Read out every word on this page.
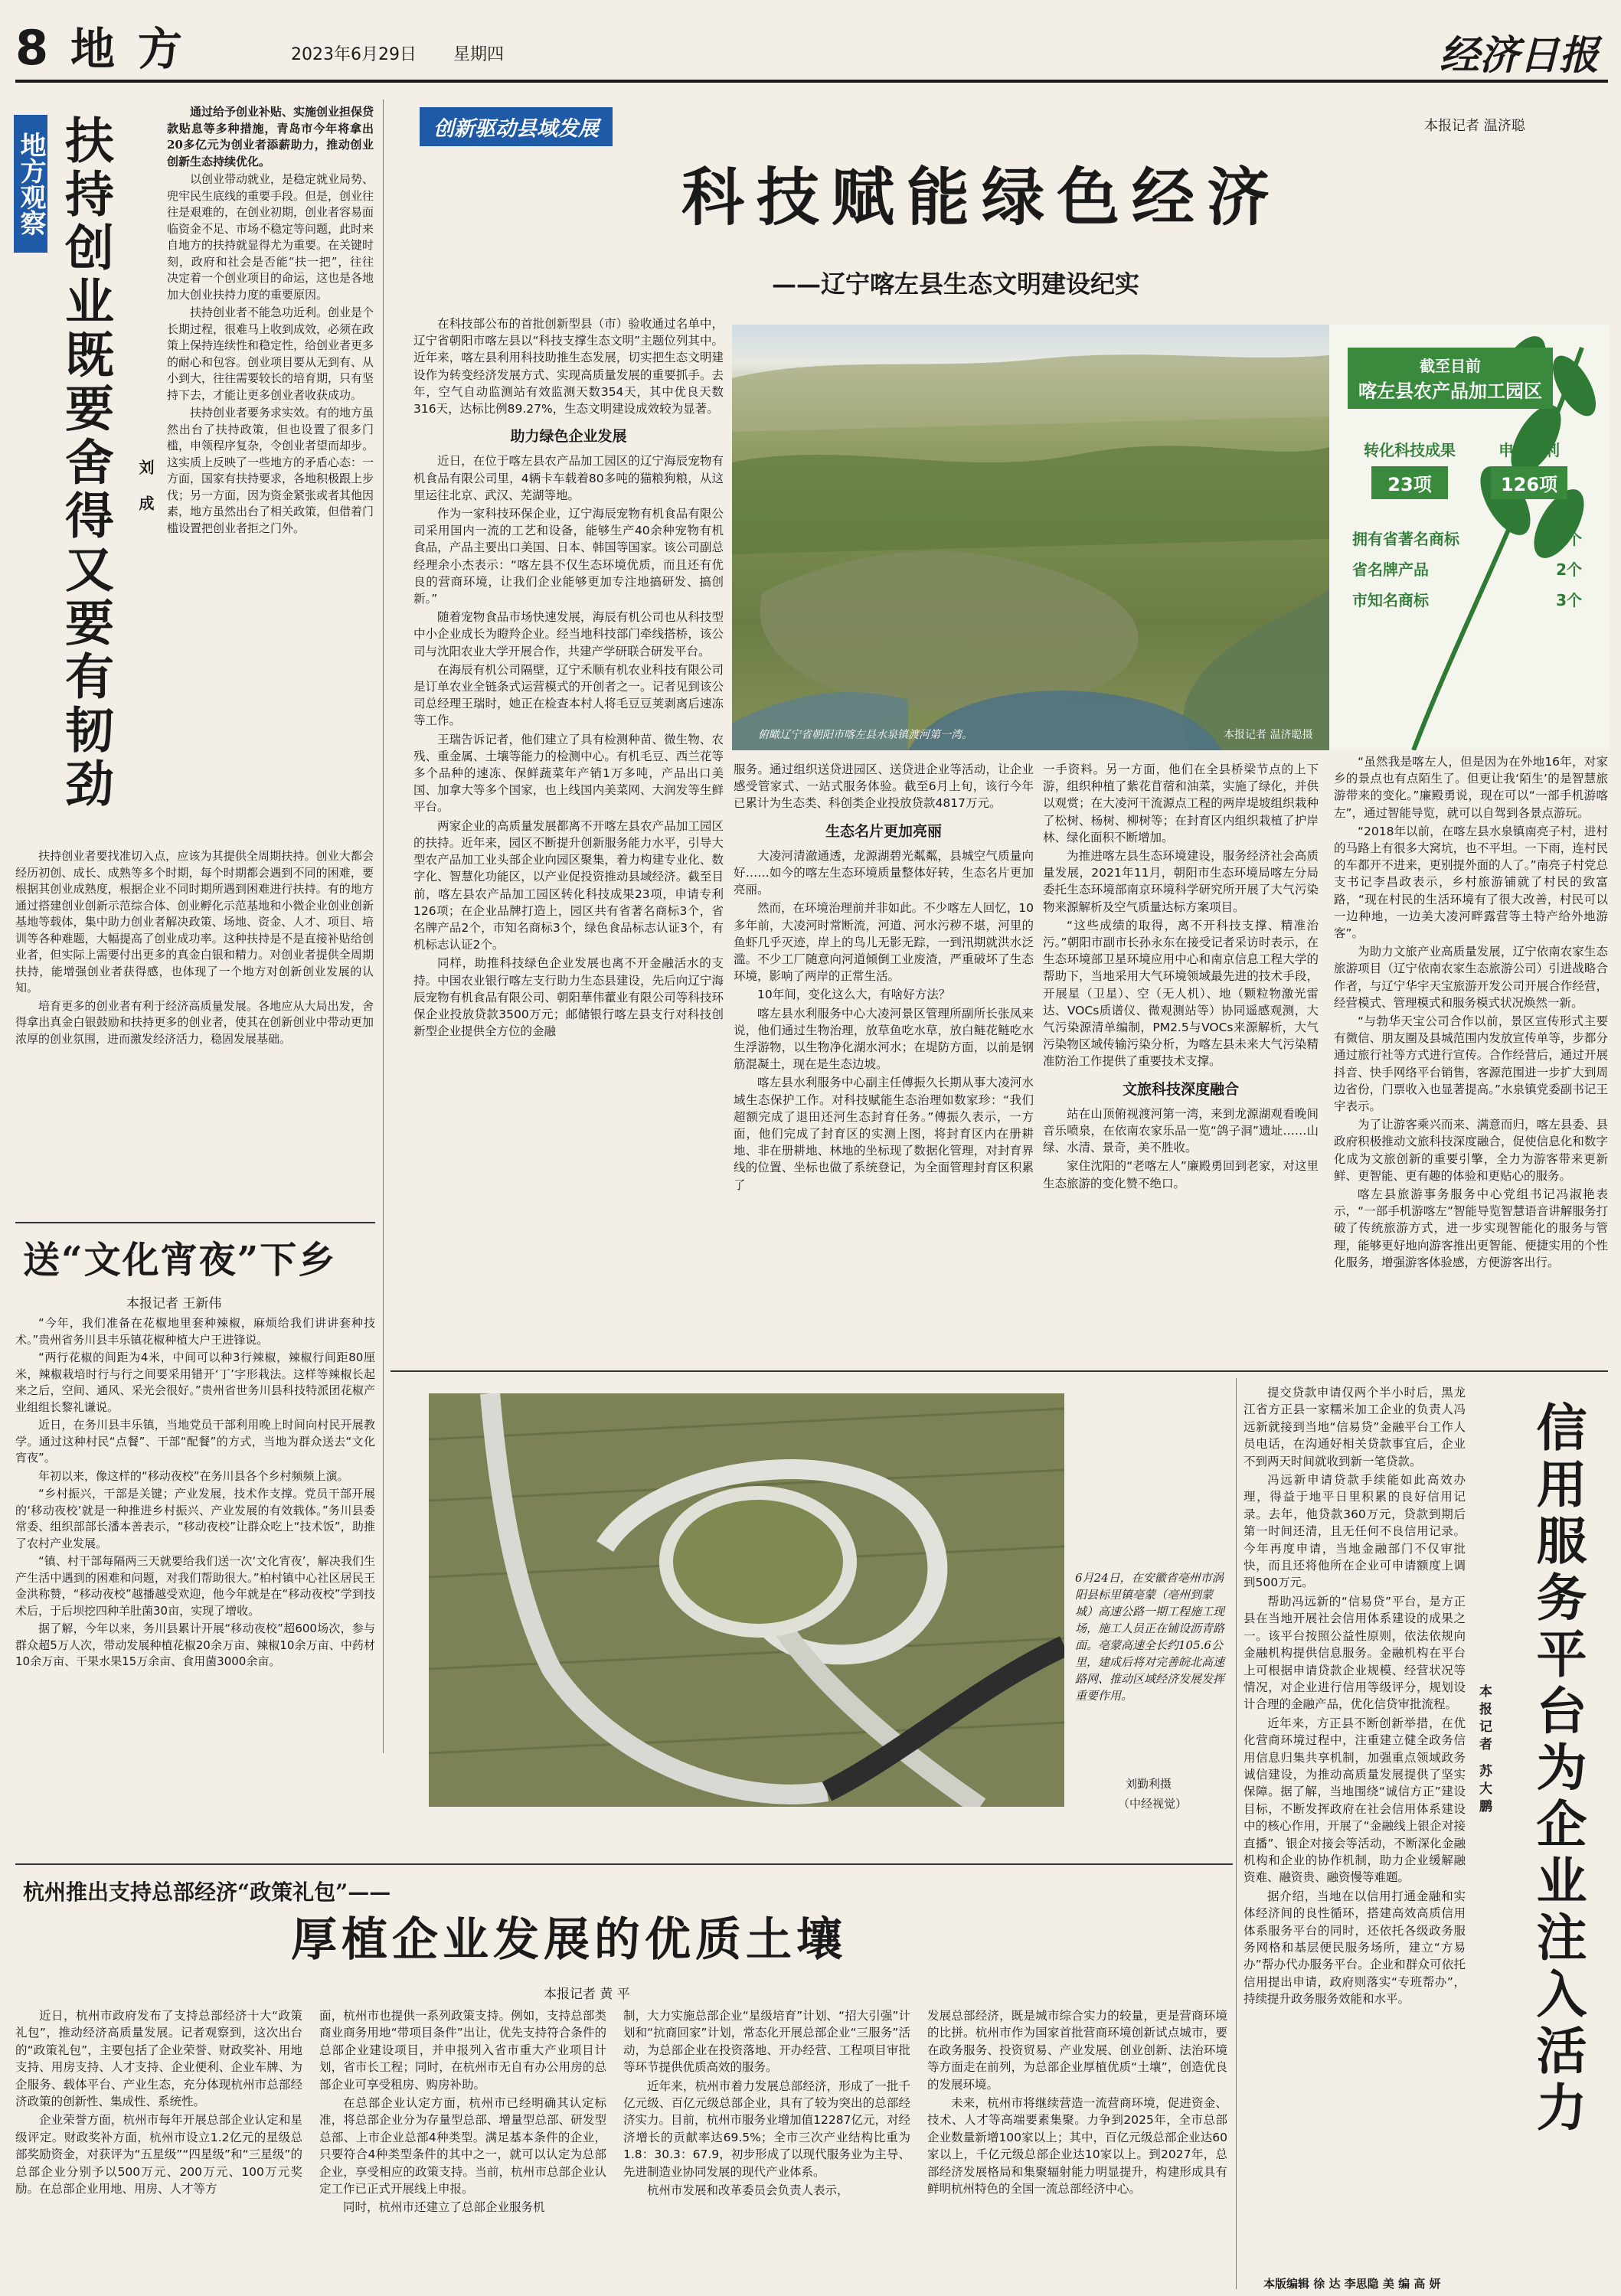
8 地方	2023年6月29日 星期四	经济日报
地方观察 扶持创业既要舍得又要有韧劲 刘 成

通过给予创业补贴、实施创业担保贷款贴息等多种措施，青岛市今年将拿出20多亿元为创业者添薪助力，推动创业创新生态持续优化。

以创业带动就业，是稳定就业局势、兜牢民生底线的重要手段。但是，创业往往是艰难的，在创业初期，创业者容易面临资金不足、市场不稳定等问题，此时来自地方的扶持就显得尤为重要。在关键时刻，政府和社会是否能“扶一把”，往往决定着一个创业项目的命运，这也是各地加大创业扶持力度的重要原因。

扶持创业者不能急功近利。创业是个长期过程，很难马上收到成效，必须在政策上保持连续性和稳定性，给创业者更多的耐心和包容。创业项目要从无到有、从小到大，往往需要较长的培育期，只有坚持下去，才能让更多创业者收获成功。

扶持创业者要务求实效。有的地方虽然出台了扶持政策，但也设置了很多门槛，申领程序复杂，令创业者望而却步。这实质上反映了一些地方的矛盾心态：一方面，国家有扶持要求，各地积极跟上步伐；另一方面，因为资金紧张或者其他因素，地方虽然出台了相关政策，但借着门槛设置把创业者拒之门外。

扶持创业者要找准切入点，应该为其提供全周期扶持。创业大都会经历初创、成长、成熟等多个时期，每个时期都会遇到不同的困难，要根据其创业成熟度，根据企业不同时期所遇到困难进行扶持。有的地方通过搭建创业创新示范综合体、创业孵化示范基地和小微企业创业创新基地等载体，集中助力创业者解决政策、场地、资金、人才、项目、培训等各种难题，大幅提高了创业成功率。这种扶持是不是直接补贴给创业者，但实际上需要付出更多的真金白银和精力。对创业者提供全周期扶持，能增强创业者获得感，也体现了一个地方对创新创业发展的认知。

培育更多的创业者有利于经济高质量发展。各地应从大局出发，舍得拿出真金白银鼓励和扶持更多的创业者，使其在创新创业中带动更加浓厚的创业氛围，进而激发经济活力，稳固发展基础。

送“文化宵夜”下乡
本报记者 王新伟

“今年，我们准备在花椒地里套种辣椒，麻烦给我们讲讲套种技术。”贵州省务川县丰乐镇花椒种植大户王进锋说。

“两行花椒的间距为4米，中间可以种3行辣椒，辣椒行间距80厘米，辣椒栽培时行与行之间要采用错开‘丁’字形栽法。这样等辣椒长起来之后，空间、通风、采光会很好。”贵州省世务川县科技特派团花椒产业组组长黎礼谦说。

近日，在务川县丰乐镇，当地党员干部利用晚上时间向村民开展教学。通过这种村民“点餐”、干部“配餐”的方式，当地为群众送去“文化宵夜”。

年初以来，像这样的“移动夜校”在务川县各个乡村频频上演。

“乡村振兴，干部是关键；产业发展，技术作支撑。党员干部开展的‘移动夜校’就是一种推进乡村振兴、产业发展的有效载体。”务川县委常委、组织部部长潘本善表示，“移动夜校”让群众吃上“技术饭”，助推了农村产业发展。

“镇、村干部每隔两三天就要给我们送一次‘文化宵夜’，解决我们生产生活中遇到的困难和问题，对我们帮助很大。”柏村镇中心社区居民王金洪称赞，“移动夜校”越播越受欢迎，他今年就是在“移动夜校”学到技术后，于后坝挖四种羊肚菌30亩，实现了增收。

据了解，今年以来，务川县累计开展“移动夜校”超600场次，参与群众超5万人次，带动发展种植花椒20余万亩、辣椒10余万亩、中药材10余万亩、干果水果15万余亩、食用菌3000余亩。

创新驱动县域发展	本报记者 温济聪
科技赋能绿色经济
——辽宁喀左县生态文明建设纪实
俯瞰辽宁省朝阳市喀左县水泉镇渡河第一湾。	本报记者 温济聪摄
截至目前
喀左县农产品加工园区
转化科技成果
23项
申请专利
126项
拥有省著名商标	3个
省名牌产品	2个
市知名商标	3个

在科技部公布的首批创新型县（市）验收通过名单中，辽宁省朝阳市喀左县以“科技支撑生态文明”主题位列其中。近年来，喀左县利用科技助推生态发展，切实把生态文明建设作为转变经济发展方式、实现高质量发展的重要抓手。去年，空气自动监测站有效监测天数354天，其中优良天数316天，达标比例89.27%，生态文明建设成效较为显著。

助力绿色企业发展

近日，在位于喀左县农产品加工园区的辽宁海辰宠物有机食品有限公司里，4辆卡车载着80多吨的猫粮狗粮，从这里运往北京、武汉、芜湖等地。

作为一家科技环保企业，辽宁海辰宠物有机食品有限公司采用国内一流的工艺和设备，能够生产40余种宠物有机食品，产品主要出口美国、日本、韩国等国家。该公司副总经理余小杰表示：“喀左县不仅生态环境优质，而且还有优良的营商环境，让我们企业能够更加专注地搞研发、搞创新。”

随着宠物食品市场快速发展，海辰有机公司也从科技型中小企业成长为瞪羚企业。经当地科技部门牵线搭桥，该公司与沈阳农业大学开展合作，共建产学研联合研发平台。

在海辰有机公司隔壁，辽宁禾顺有机农业科技有限公司是订单农业全链条式运营模式的开创者之一。记者见到该公司总经理王瑞时，她正在检查本村人将毛豆豆荚剥离后速冻等工作。

王瑞告诉记者，他们建立了具有检测种苗、微生物、农残、重金属、土壤等能力的检测中心。有机毛豆、西兰花等多个品种的速冻、保鲜蔬菜年产销1万多吨，产品出口美国、加拿大等多个国家，也上线国内美菜网、大润发等生鲜平台。

两家企业的高质量发展都离不开喀左县农产品加工园区的扶持。近年来，园区不断提升创新服务能力水平，引导大型农产品加工业头部企业向园区聚集，着力构建专业化、数字化、智慧化功能区，以产业促投资推动县域经济。截至目前，喀左县农产品加工园区转化科技成果23项，申请专利126项；在企业品牌打造上，园区共有省著名商标3个，省名牌产品2个，市知名商标3个，绿色食品标志认证3个，有机标志认证2个。

同样，助推科技绿色企业发展也离不开金融活水的支持。中国农业银行喀左支行助力生态县建设，先后向辽宁海辰宠物有机食品有限公司、朝阳華伟藿业有限公司等科技环保企业投放贷款3500万元；邮储银行喀左县支行对科技创新型企业提供全方位的金融

服务。通过组织送贷进园区、送贷进企业等活动，让企业感受管家式、一站式服务体验。截至6月上旬，该行今年已累计为生态类、科创类企业投放贷款4817万元。

生态名片更加亮丽

大凌河清澈通透，龙源湖碧光粼粼，县城空气质量向好……如今的喀左生态环境质量整体好转，生态名片更加亮丽。

然而，在环境治理前并非如此。不少喀左人回忆，10多年前，大凌河时常断流，河道、河水污秽不堪，河里的鱼虾几乎灭迹，岸上的鸟儿无影无踪，一到汛期就洪水泛滥。不少工厂随意向河道倾倒工业废渣，严重破坏了生态环境，影响了两岸的正常生活。

10年间，变化这么大，有啥好方法？

喀左县水利服务中心大凌河景区管理所副所长张凤来说，他们通过生物治理，放草鱼吃水草，放白鲢花鲢吃水生浮游物，以生物净化湖水河水；在堤防方面，以前是钢筋混凝土，现在是生态边坡。

喀左县水利服务中心副主任傅振久长期从事大凌河水域生态保护工作。对科技赋能生态治理如数家珍：“我们超额完成了退田还河生态封育任务。”傅振久表示，一方面，他们完成了封育区的实测上图，将封育区内在册耕地、非在册耕地、林地的坐标现了数据化管理，对封育界线的位置、坐标也做了系统登记，为全面管理封育区积累了

一手资料。另一方面，他们在全县桥梁节点的上下游，组织种植了紫花苜蓿和油菜，实施了绿化，并供以观赏；在大凌河干流源点工程的两岸堤坡组织栽种了松树、杨树、柳树等；在封育区内组织栽植了护岸林、绿化面积不断增加。

为推进喀左县生态环境建设，服务经济社会高质量发展，2021年11月，朝阳市生态环境局喀左分局委托生态环境部南京环境科学研究所开展了大气污染物来源解析及空气质量达标方案项目。

“这些成绩的取得，离不开科技支撑、精准治污。”朝阳市副市长孙永东在接受记者采访时表示，在生态环境部卫星环境应用中心和南京信息工程大学的帮助下，当地采用大气环境领域最先进的技术手段，开展星（卫星）、空（无人机）、地（颗粒物激光雷达、VOCs质谱仪、微观测站等）协同遥感观测，大气污染源清单编制，PM2.5与VOCs来源解析，大气污染物区域传输污染分析，为喀左县未来大气污染精准防治工作提供了重要技术支撑。

文旅科技深度融合

站在山顶俯视渡河第一湾，来到龙源湖观看晚间音乐喷泉，在依南农家乐品一览“鸽子洞”遗址……山绿、水清、景奇，美不胜收。

家住沈阳的“老喀左人”廉殿勇回到老家，对这里生态旅游的变化赞不绝口。

“虽然我是喀左人，但是因为在外地16年，对家乡的景点也有点陌生了。但更让我‘陌生’的是智慧旅游带来的变化。”廉殿勇说，现在可以“一部手机游喀左”，通过智能导览，就可以自驾到各景点游玩。

“2018年以前，在喀左县水泉镇南亮子村，进村的马路上有很多大窝坑，也不平坦。一下雨，连村民的车都开不进来，更别提外面的人了。”南亮子村党总支书记李昌政表示，乡村旅游铺就了村民的致富路，“现在村民的生活环境有了很大改善，村民可以一边种地，一边美大凌河畔露营等土特产给外地游客”。

为助力文旅产业高质量发展，辽宁依南农家生态旅游项目（辽宁依南农家生态旅游公司）引进战略合作者，与辽宁华宇天宝旅游开发公司开展合作经营，经营模式、管理模式和服务模式状况焕然一新。

“与勃华天宝公司合作以前，景区宣传形式主要有微信、朋友圈及县城范围内发放宣传单等，步都分通过旅行社等方式进行宣传。合作经营后，通过开展抖音、快手网络平台销售，客源范围进一步扩大到周边省份，门票收入也显著提高。”水泉镇党委副书记王宇表示。

为了让游客乘兴而来、满意而归，喀左县委、县政府积极推动文旅科技深度融合，促使信息化和数字化成为文旅创新的重要引擎，全力为游客带来更新鲜、更智能、更有趣的体验和更贴心的服务。

喀左县旅游事务服务中心党组书记冯淑艳表示，“一部手机游喀左”智能导览智慧语音讲解服务打破了传统旅游方式，进一步实现智能化的服务与管理，能够更好地向游客推出更智能、便捷实用的个性化服务，增强游客体验感，方便游客出行。

6月24日，在安徽省亳州市涡阳县标里镇亳蒙（亳州到蒙城）高速公路一期工程施工现场，施工人员正在铺设沥青路面。亳蒙高速全长约105.6公里，建成后将对完善皖北高速路网、推动区域经济发展发挥重要作用。
刘勤利摄
（中经视觉）

提交贷款申请仅两个半小时后，黑龙江省方正县一家糯米加工企业的负责人冯远新就接到当地“信易贷”金融平台工作人员电话，在沟通好相关贷款事宜后，企业不到两天时间就收到新一笔贷款。

冯远新申请贷款手续能如此高效办理，得益于地平日里积累的良好信用记录。去年，他贷款360万元，贷款到期后第一时间还清，且无任何不良信用记录。今年再度申请，当地金融部门不仅审批快，而且还将他所在企业可申请额度上调到500万元。

帮助冯远新的“信易贷”平台，是方正县在当地开展社会信用体系建设的成果之一。该平台按照公益性原则，依法依规向金融机构提供信息服务。金融机构在平台上可根据申请贷款企业规模、经营状况等情况，对企业进行信用等级评分，规划设计合理的金融产品，优化信贷审批流程。

近年来，方正县不断创新举措，在优化营商环境过程中，注重建立健全政务信用信息归集共享机制，加强重点领域政务诚信建设，为推动高质量发展提供了坚实保障。据了解，当地围绕“诚信方正”建设目标，不断发挥政府在社会信用体系建设中的核心作用，开展了“金融线上银企对接直播”、银企对接会等活动，不断深化金融机构和企业的协作机制，助力企业缓解融资难、融资贵、融资慢等难题。

据介绍，当地在以信用打通金融和实体经济间的良性循环，搭建高效高质信用体系服务平台的同时，还依托各级政务服务网格和基层便民服务场所，建立“方易办”帮办代办服务平台。企业和群众可依托信用提出申请，政府则落实“专班帮办”，持续提升政务服务效能和水平。

本报记者 苏大鹏 信用服务平台为企业注入活力
杭州推出支持总部经济“政策礼包”——
厚植企业发展的优质土壤
本报记者 黄 平

近日，杭州市政府发布了支持总部经济十大“政策礼包”，推动经济高质量发展。记者观察到，这次出台的“政策礼包”，主要包括了企业荣誉、财政奖补、用地支持、用房支持、人才支持、企业便利、企业车牌、为企服务、载体平台、产业生态，充分体现杭州市总部经济政策的创新性、集成性、系统性。

企业荣誉方面，杭州市每年开展总部企业认定和星级评定。财政奖补方面，杭州市设立1.2亿元的星级总部奖励资金，对获评为“五星级”“四星级”和“三星级”的总部企业分别予以500万元、200万元、100万元奖励。在总部企业用地、用房、人才等方

面，杭州市也提供一系列政策支持。例如，支持总部类商业商务用地“带项目条件”出让，优先支持符合条件的总部企业建设项目，并申报列入省市重大产业项目计划，省市长工程；同时，在杭州市无自有办公用房的总部企业可享受租房、购房补助。

在总部企业认定方面，杭州市已经明确其认定标准，将总部企业分为存量型总部、增量型总部、研发型总部、上市企业总部4种类型。满足基本条件的企业，只要符合4种类型条件的其中之一，就可以认定为总部企业，享受相应的政策支持。当前，杭州市总部企业认定工作已正式开展线上申报。

同时，杭州市还建立了总部企业服务机

制，大力实施总部企业“星级培育”计划、“招大引强”计划和“抗商回家”计划，常态化开展总部企业“三服务”活动，为总部企业在投资落地、开办经营、工程项目审批等环节提供优质高效的服务。

近年来，杭州市着力发展总部经济，形成了一批千亿元级、百亿元级总部企业，具有了较为突出的总部经济实力。目前，杭州市服务业增加值12287亿元，对经济增长的贡献率达69.5%；全市三次产业结构比重为1.8：30.3：67.9，初步形成了以现代服务业为主导、先进制造业协同发展的现代产业体系。

杭州市发展和改革委员会负责人表示，

发展总部经济，既是城市综合实力的较量，更是营商环境的比拼。杭州市作为国家首批营商环境创新试点城市，要在政务服务、投资贸易、产业发展、创业创新、法治环境等方面走在前列，为总部企业厚植优质“土壤”，创造优良的发展环境。

未来，杭州市将继续营造一流营商环境，促进资金、技术、人才等高端要素集聚。力争到2025年，全市总部企业数量新增100家以上；其中，百亿元级总部企业达60家以上，千亿元级总部企业达10家以上。到2027年，总部经济发展格局和集聚辐射能力明显提升，构建形成具有鲜明杭州特色的全国一流总部经济中心。

本版编辑 徐 达 李思隐 美 编 高 妍
